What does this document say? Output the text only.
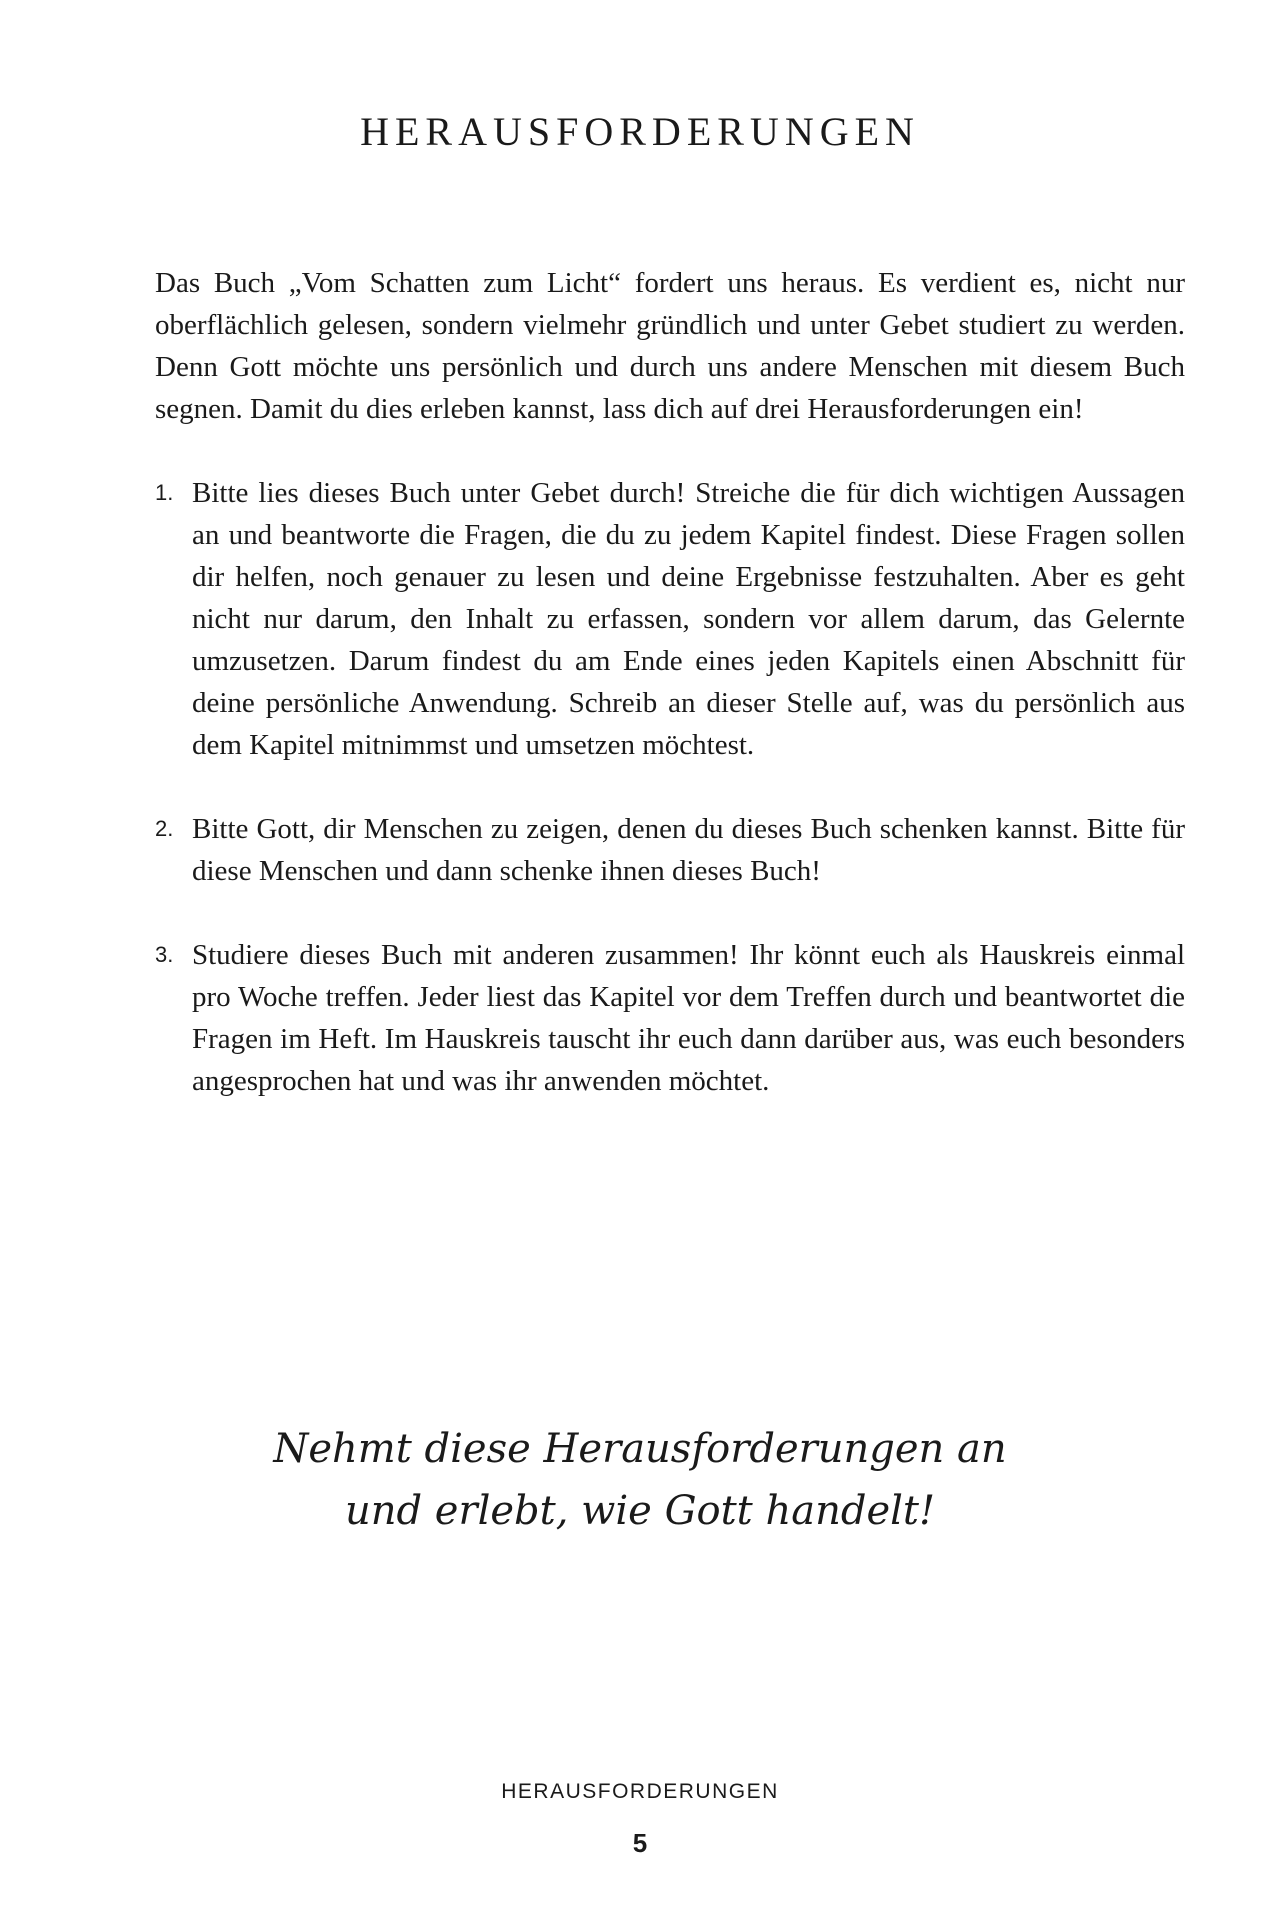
HERAUSFORDERUNGEN

Das Buch „Vom Schatten zum Licht“ fordert uns heraus. Es verdient es, nicht nur oberflächlich gelesen, sondern vielmehr gründlich und unter Gebet studiert zu werden. Denn Gott möchte uns persönlich und durch uns andere Menschen mit diesem Buch segnen. Damit du dies erleben kannst, lass dich auf drei Herausforderungen ein!

1. Bitte lies dieses Buch unter Gebet durch! Streiche die für dich wichtigen Aussagen an und beantworte die Fragen, die du zu jedem Kapitel findest. Diese Fragen sollen dir helfen, noch genauer zu lesen und deine Ergebnisse festzuhalten. Aber es geht nicht nur darum, den Inhalt zu erfassen, sondern vor allem darum, das Gelernte umzusetzen. Darum findest du am Ende eines jeden Kapitels einen Abschnitt für deine persönliche Anwendung. Schreib an dieser Stelle auf, was du persönlich aus dem Kapitel mitnimmst und umsetzen möchtest.
2. Bitte Gott, dir Menschen zu zeigen, denen du dieses Buch schenken kannst. Bitte für diese Menschen und dann schenke ihnen dieses Buch!
3. Studiere dieses Buch mit anderen zusammen! Ihr könnt euch als Hauskreis einmal pro Woche treffen. Jeder liest das Kapitel vor dem Treffen durch und beantwortet die Fragen im Heft. Im Hauskreis tauscht ihr euch dann darüber aus, was euch besonders angesprochen hat und was ihr anwenden möchtet.
Nehmt diese Herausforderungen an
und erlebt, wie Gott handelt!
HERAUSFORDERUNGEN
5
